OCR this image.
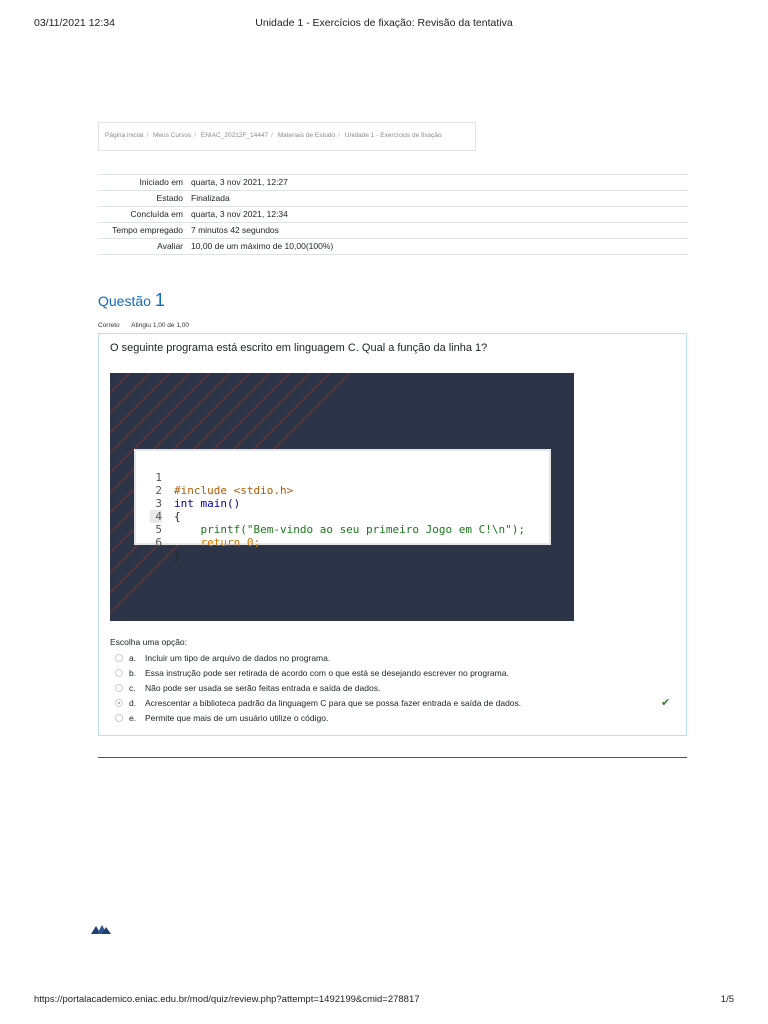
03/11/2021 12:34	Unidade 1 - Exercícios de fixação: Revisão da tentativa
Página inicial / Meus Cursos / ENIAC_20212F_14447 / Materiais de Estudo / Unidade 1 - Exercícios de fixação
Iniciado em quarta, 3 nov 2021, 12:27
Estado Finalizada
Concluída em quarta, 3 nov 2021, 12:34
Tempo empregado 7 minutos 42 segundos
Avaliar 10,00 de um máximo de 10,00(100%)
Questão 1
Correto Atingiu 1,00 de 1,00
O seguinte programa está escrito em linguagem C. Qual a função da linha 1?

1

#include <stdio.h>

2

int main()

3

{

4

printf("Bem-vindo ao seu primeiro Jogo em C!\n");

5

return 0;

6

}

Escolha uma opção:
a. Incluir um tipo de arquivo de dados no programa.
b. Essa instrução pode ser retirada de acordo com o que está se desejando escrever no programa.
c. Não pode ser usada se serão feitas entrada e saída de dados.
d. Acrescentar a biblioteca padrão da linguagem C para que se possa fazer entrada e saída de dados.
e. Permite que mais de um usuário utilize o código.
✔
https://portalacademico.eniac.edu.br/mod/quiz/review.php?attempt=1492199&cmid=278817	1/5
